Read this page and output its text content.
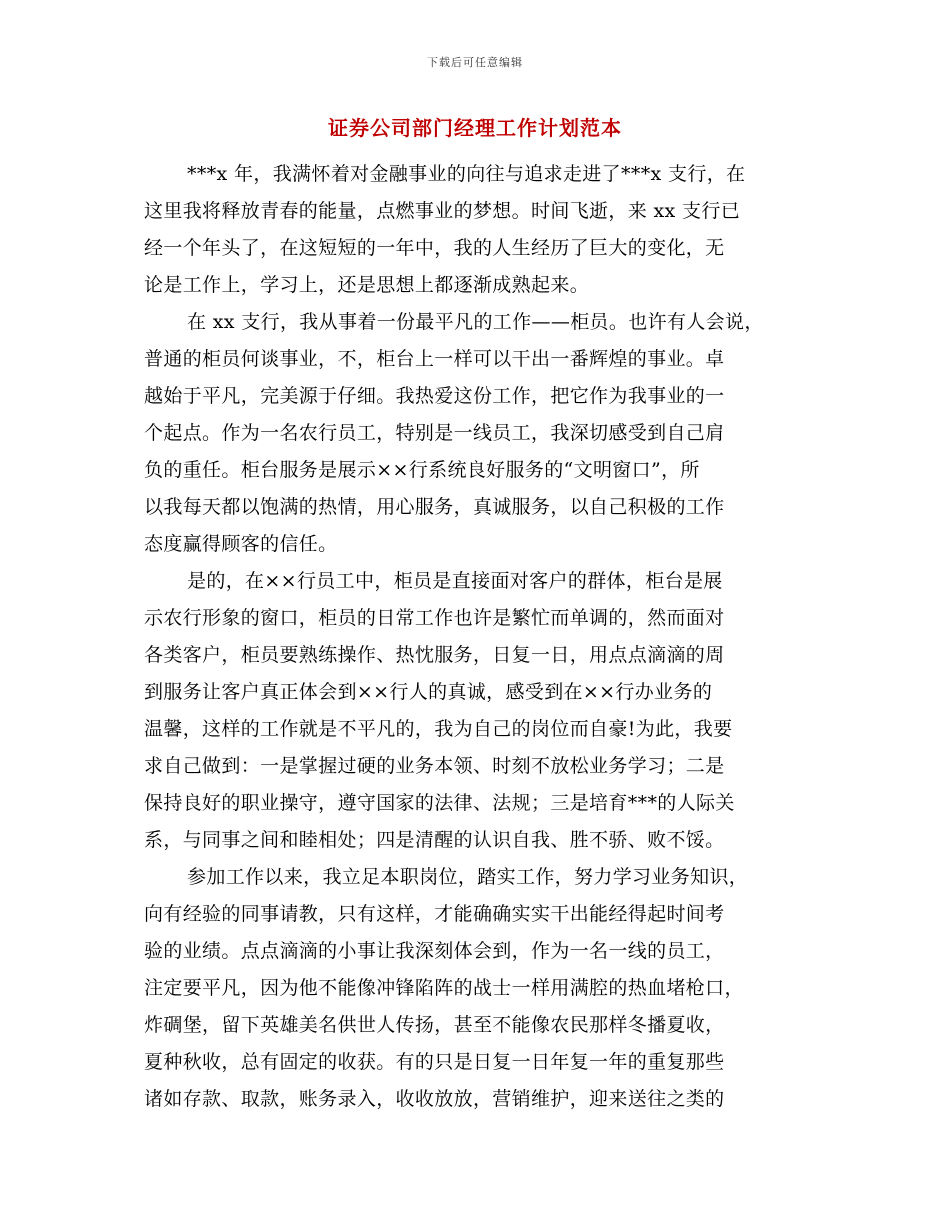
下载后可任意编辑
证券公司部门经理工作计划范本
***x 年，我满怀着对金融事业的向往与追求走进了***x 支行，在
这里我将释放青春的能量，点燃事业的梦想。时间飞逝，来 xx 支行已
经一个年头了，在这短短的一年中，我的人生经历了巨大的变化，无
论是工作上，学习上，还是思想上都逐渐成熟起来。
在 xx 支行，我从事着一份最平凡的工作——柜员。也许有人会说，
普通的柜员何谈事业，不，柜台上一样可以干出一番辉煌的事业。卓
越始于平凡，完美源于仔细。我热爱这份工作，把它作为我事业的一
个起点。作为一名农行员工，特别是一线员工，我深切感受到自己肩
负的重任。柜台服务是展示××行系统良好服务的“文明窗口”，所
以我每天都以饱满的热情，用心服务，真诚服务，以自己积极的工作
态度赢得顾客的信任。
是的，在××行员工中，柜员是直接面对客户的群体，柜台是展
示农行形象的窗口，柜员的日常工作也许是繁忙而单调的，然而面对
各类客户，柜员要熟练操作、热忱服务，日复一日，用点点滴滴的周
到服务让客户真正体会到××行人的真诚，感受到在××行办业务的
温馨，这样的工作就是不平凡的，我为自己的岗位而自豪!为此，我要
求自己做到：一是掌握过硬的业务本领、时刻不放松业务学习；二是
保持良好的职业操守，遵守国家的法律、法规；三是培育***的人际关
系，与同事之间和睦相处；四是清醒的认识自我、胜不骄、败不馁。
参加工作以来，我立足本职岗位，踏实工作，努力学习业务知识，
向有经验的同事请教，只有这样，才能确确实实干出能经得起时间考
验的业绩。点点滴滴的小事让我深刻体会到，作为一名一线的员工，
注定要平凡，因为他不能像冲锋陷阵的战士一样用满腔的热血堵枪口，
炸碉堡，留下英雄美名供世人传扬，甚至不能像农民那样冬播夏收，
夏种秋收，总有固定的收获。有的只是日复一日年复一年的重复那些
诸如存款、取款，账务录入，收收放放，营销维护，迎来送往之类的
